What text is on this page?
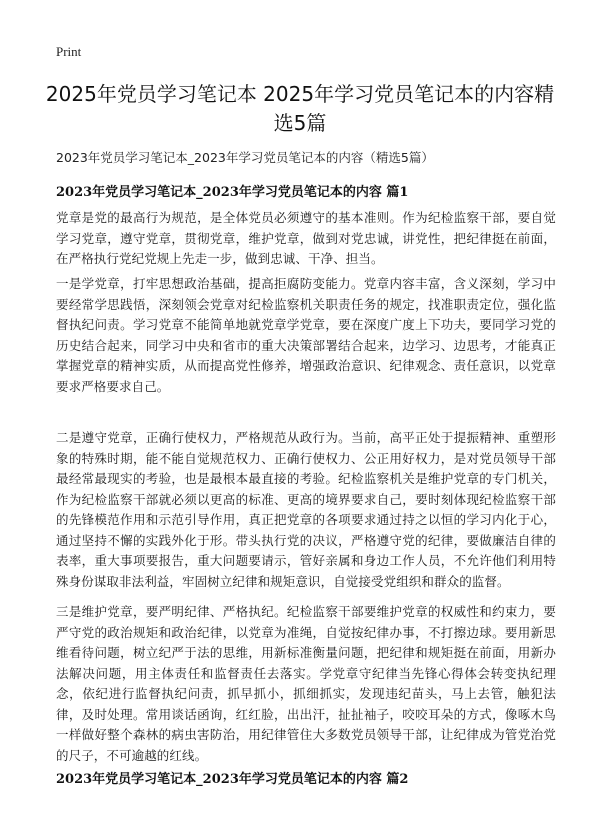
Print
2025年党员学习笔记本 2025年学习党员笔记本的内容精选5篇
2023年党员学习笔记本_2023年学习党员笔记本的内容（精选5篇）
2023年党员学习笔记本_2023年学习党员笔记本的内容 篇1

党章是党的最高行为规范，是全体党员必须遵守的基本准则。作为纪检监察干部，要自觉学习党章，遵守党章，贯彻党章，维护党章，做到对党忠诚，讲党性，把纪律挺在前面，在严格执行党纪党规上先走一步，做到忠诚、干净、担当。

一是学党章，打牢思想政治基础，提高拒腐防变能力。党章内容丰富，含义深刻，学习中要经常学思践悟，深刻领会党章对纪检监察机关职责任务的规定，找准职责定位，强化监督执纪问责。学习党章不能简单地就党章学党章，要在深度广度上下功夫，要同学习党的历史结合起来，同学习中央和省市的重大决策部署结合起来，边学习、边思考，才能真正掌握党章的精神实质，从而提高党性修养，增强政治意识、纪律观念、责任意识，以党章要求严格要求自己。

二是遵守党章，正确行使权力，严格规范从政行为。当前，高平正处于提振精神、重塑形象的特殊时期，能不能自觉规范权力、正确行使权力、公正用好权力，是对党员领导干部最经常最现实的考验，也是最根本最直接的考验。纪检监察机关是维护党章的专门机关，作为纪检监察干部就必须以更高的标准、更高的境界要求自己，要时刻体现纪检监察干部的先锋模范作用和示范引导作用，真正把党章的各项要求通过持之以恒的学习内化于心，通过坚持不懈的实践外化于形。带头执行党的决议，严格遵守党的纪律，要做廉洁自律的表率，重大事项要报告，重大问题要请示，管好亲属和身边工作人员，不允许他们利用特殊身份谋取非法利益，牢固树立纪律和规矩意识，自觉接受党组织和群众的监督。

三是维护党章，要严明纪律、严格执纪。纪检监察干部要维护党章的权威性和约束力，要严守党的政治规矩和政治纪律，以党章为准绳，自觉按纪律办事，不打擦边球。要用新思维看待问题，树立纪严于法的思维，用新标准衡量问题，把纪律和规矩挺在前面，用新办法解决问题，用主体责任和监督责任去落实。学党章守纪律当先锋心得体会转变执纪理念，依纪进行监督执纪问责，抓早抓小，抓细抓实，发现违纪苗头，马上去管，触犯法律，及时处理。常用谈话函询，红红脸，出出汗，扯扯袖子，咬咬耳朵的方式，像啄木鸟一样做好整个森林的病虫害防治，用纪律管住大多数党员领导干部，让纪律成为管党治党的尺子，不可逾越的红线。

2023年党员学习笔记本_2023年学习党员笔记本的内容 篇2
